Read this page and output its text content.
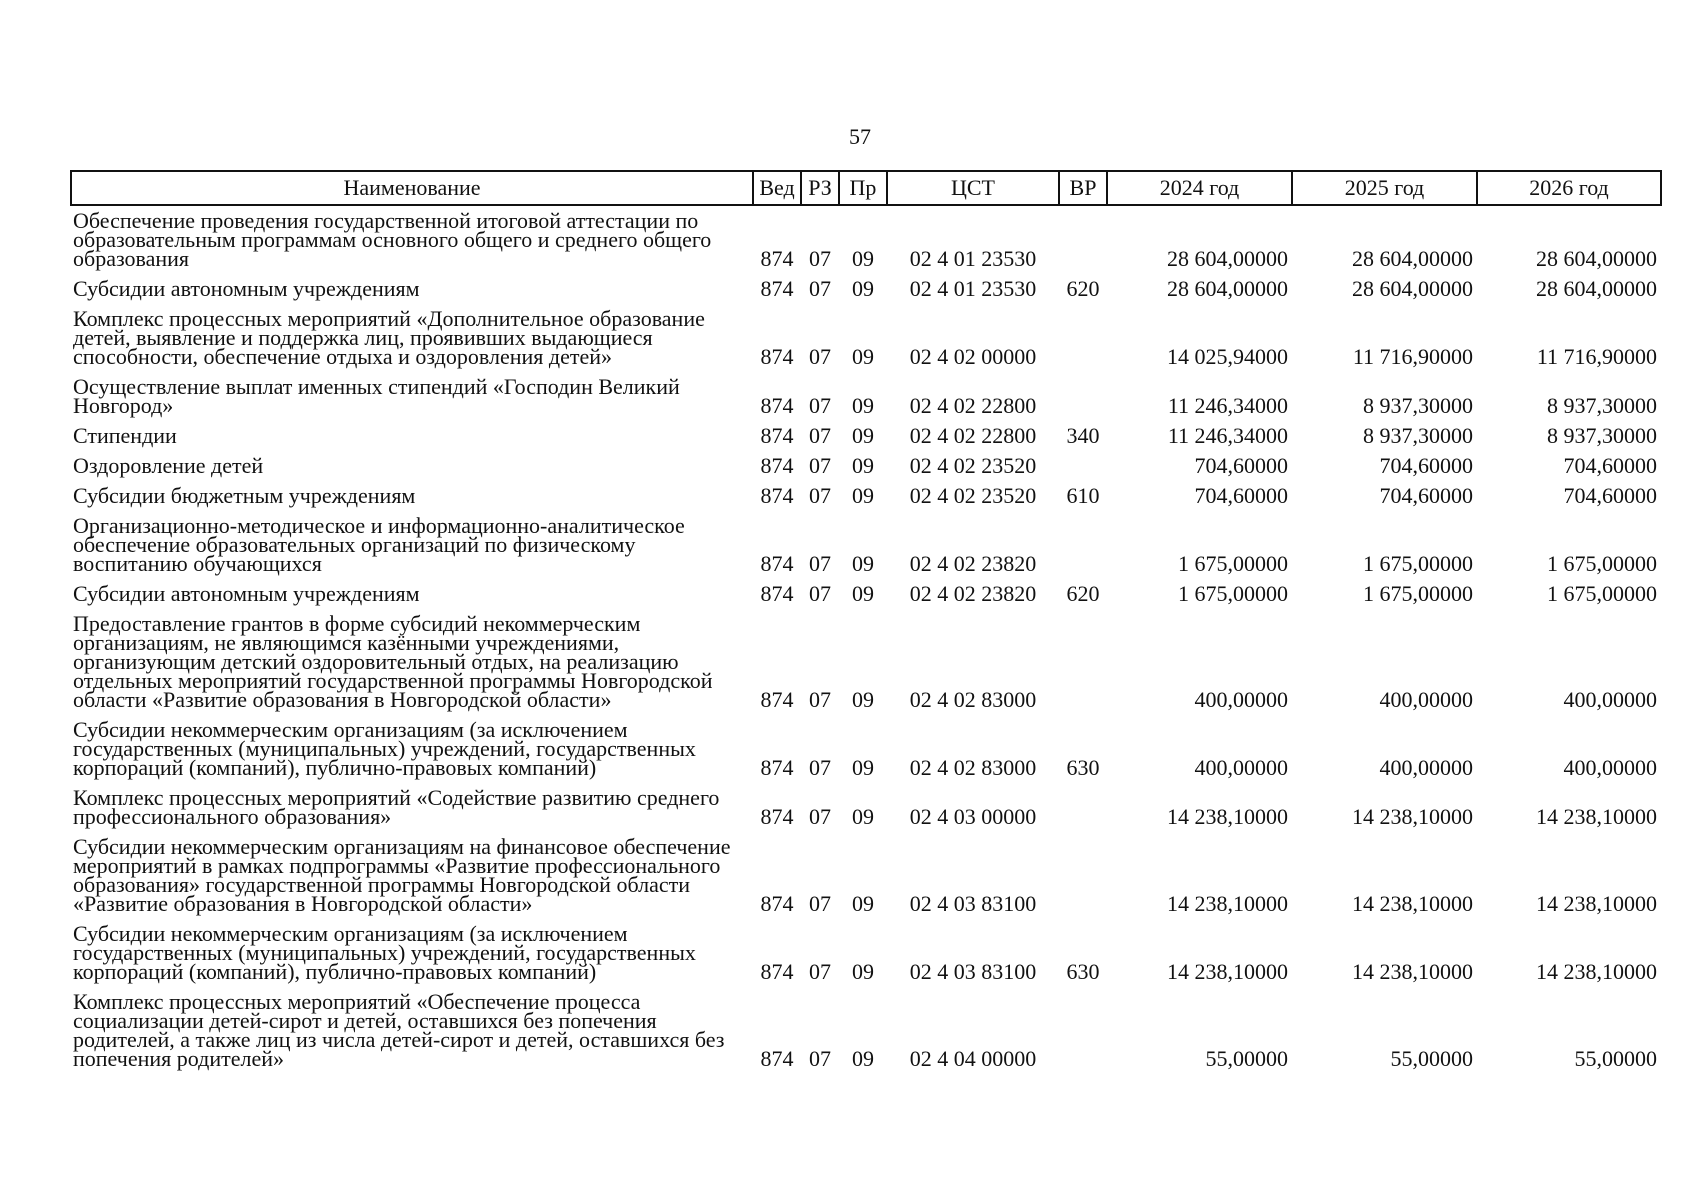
57
Наименование	Вед	РЗ	Пр	ЦСТ	ВР	2024 год	2025 год	2026 год
Обеспечение проведения государственной итоговой аттестации по образовательным программам основного общего и среднего общего образования	874	07	09	02 4 01 23530		28 604,00000	28 604,00000	28 604,00000
Субсидии автономным учреждениям	874	07	09	02 4 01 23530	620	28 604,00000	28 604,00000	28 604,00000
Комплекс процессных мероприятий «Дополнительное образование детей, выявление и поддержка лиц, проявивших выдающиеся способности, обеспечение отдыха и оздоровления детей»	874	07	09	02 4 02 00000		14 025,94000	11 716,90000	11 716,90000
Осуществление выплат именных стипендий «Господин Великий Новгород»	874	07	09	02 4 02 22800		11 246,34000	8 937,30000	8 937,30000
Стипендии	874	07	09	02 4 02 22800	340	11 246,34000	8 937,30000	8 937,30000
Оздоровление детей	874	07	09	02 4 02 23520		704,60000	704,60000	704,60000
Субсидии бюджетным учреждениям	874	07	09	02 4 02 23520	610	704,60000	704,60000	704,60000
Организационно-методическое и информационно-аналитическое обеспечение образовательных организаций по физическому воспитанию обучающихся	874	07	09	02 4 02 23820		1 675,00000	1 675,00000	1 675,00000
Субсидии автономным учреждениям	874	07	09	02 4 02 23820	620	1 675,00000	1 675,00000	1 675,00000
Предоставление грантов в форме субсидий некоммерческим организациям, не являющимся казёнными учреждениями, организующим детский оздоровительный отдых, на реализацию отдельных мероприятий государственной программы Новгородской области «Развитие образования в Новгородской области»	874	07	09	02 4 02 83000		400,00000	400,00000	400,00000
Субсидии некоммерческим организациям (за исключением государственных (муниципальных) учреждений, государственных корпораций (компаний), публично-правовых компаний)	874	07	09	02 4 02 83000	630	400,00000	400,00000	400,00000
Комплекс процессных мероприятий «Содействие развитию среднего профессионального образования»	874	07	09	02 4 03 00000		14 238,10000	14 238,10000	14 238,10000
Субсидии некоммерческим организациям на финансовое обеспечение мероприятий в рамках подпрограммы «Развитие профессионального образования» государственной программы Новгородской области «Развитие образования в Новгородской области»	874	07	09	02 4 03 83100		14 238,10000	14 238,10000	14 238,10000
Субсидии некоммерческим организациям (за исключением государственных (муниципальных) учреждений, государственных корпораций (компаний), публично-правовых компаний)	874	07	09	02 4 03 83100	630	14 238,10000	14 238,10000	14 238,10000
Комплекс процессных мероприятий «Обеспечение процесса социализации детей-сирот и детей, оставшихся без попечения родителей, а также лиц из числа детей-сирот и детей, оставшихся без попечения родителей»	874	07	09	02 4 04 00000		55,00000	55,00000	55,00000
